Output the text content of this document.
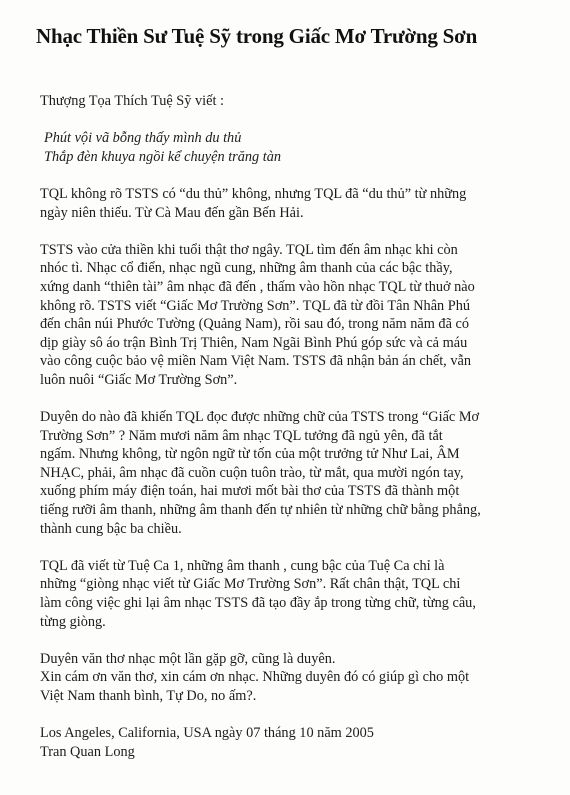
Nhạc Thiền Sư Tuệ Sỹ trong Giấc Mơ Trường Sơn
Thượng Tọa Thích Tuệ Sỹ viết :
Phút vội vã bỗng thấy mình du thủ
Thắp đèn khuya ngồi kể chuyện trăng tàn
TQL không rõ TSTS có “du thủ” không, nhưng TQL đã “du thủ” từ những
ngày niên thiếu. Từ Cà Mau đến gần Bến Hải.
TSTS vào cửa thiền khi tuổi thật thơ ngây. TQL tìm đến âm nhạc khi còn
nhóc tì. Nhạc cổ điển, nhạc ngũ cung, những âm thanh của các bậc thầy,
xứng danh “thiên tài” âm nhạc đã đến , thấm vào hồn nhạc TQL từ thuở nào
không rõ. TSTS viết “Giấc Mơ Trường Sơn”. TQL đã từ đồi Tân Nhân Phú
đến chân núi Phước Tường (Quảng Nam), rồi sau đó, trong năm năm đã có
dịp giày sô áo trận Bình Trị Thiên, Nam Ngãi Bình Phú góp sức và cả máu
vào công cuộc bảo vệ miền Nam Việt Nam. TSTS đã nhận bản án chết, vẫn
luôn nuôi “Giấc Mơ Trường Sơn”.
Duyên do nào đã khiến TQL đọc được những chữ của TSTS trong “Giấc Mơ
Trường Sơn” ? Năm mươi năm âm nhạc TQL tưởng đã ngủ yên, đã tắt
ngấm. Nhưng không, từ ngôn ngữ từ tốn của một trưởng tử Như Lai, ÂM
NHẠC, phải, âm nhạc đã cuồn cuộn tuôn trào, từ mắt, qua mười ngón tay,
xuống phím máy điện toán, hai mươi mốt bài thơ của TSTS đã thành một
tiếng rưỡi âm thanh, những âm thanh đến tự nhiên từ những chữ bằng phẳng,
thành cung bậc ba chiều.
TQL đã viết từ Tuệ Ca 1, những âm thanh , cung bậc của Tuệ Ca chỉ là
những “giòng nhạc viết từ Giấc Mơ Trường Sơn”. Rất chân thật, TQL chỉ
làm công việc ghi lại âm nhạc TSTS đã tạo đầy ắp trong từng chữ, từng câu,
từng giòng.
Duyên văn thơ nhạc một lần gặp gỡ, cũng là duyên.
Xin cám ơn văn thơ, xin cám ơn nhạc. Những duyên đó có giúp gì cho một
Việt Nam thanh bình, Tự Do, no ấm?.
Los Angeles, California, USA ngày 07 tháng 10 năm 2005
Tran Quan Long
